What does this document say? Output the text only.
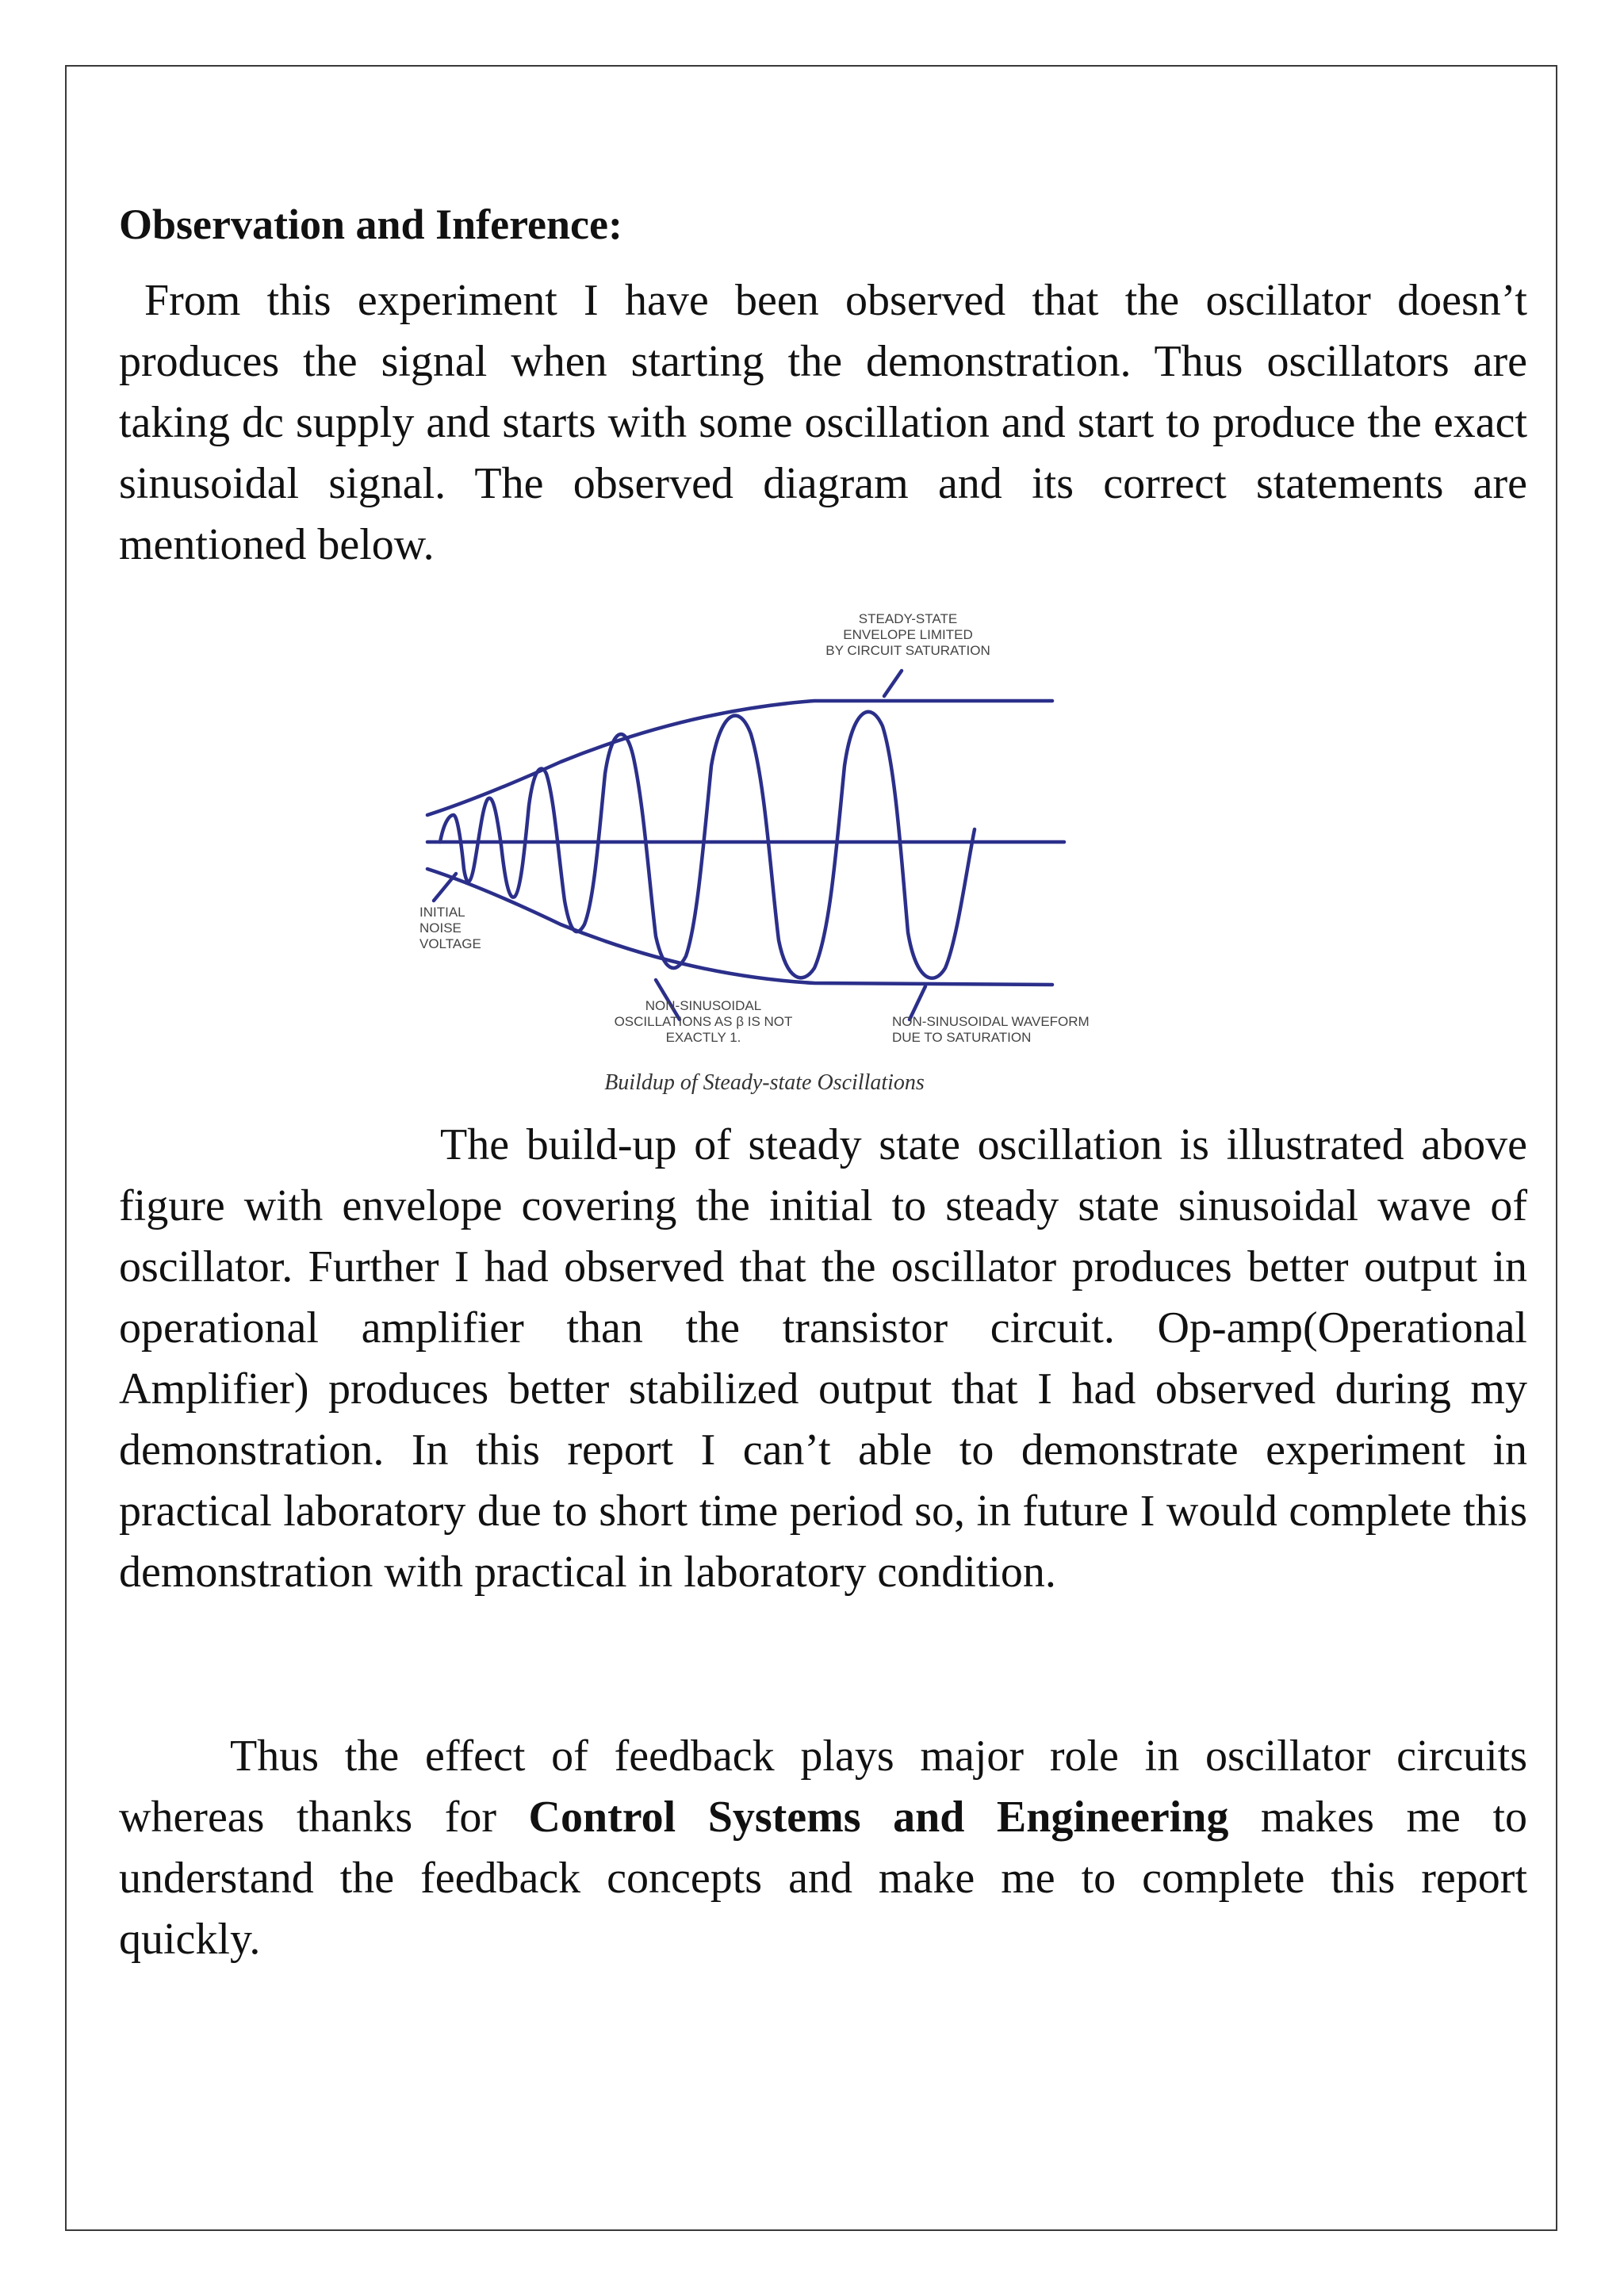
Observation and Inference:

From this experiment I have been observed that the oscillator doesn’t produces the signal when starting the demonstration. Thus oscillators are taking dc supply and starts with some oscillation and start to produce the exact sinusoidal signal. The observed diagram and its correct statements are mentioned below.

STEADY-STATE
ENVELOPE LIMITED
BY CIRCUIT SATURATION
INITIAL
NOISE
VOLTAGE
NON-SINUSOIDAL
OSCILLATIONS AS β IS NOT
EXACTLY 1.
NON-SINUSOIDAL WAVEFORM
DUE TO SATURATION
Buildup of Steady-state Oscillations

The build-up of steady state oscillation is illustrated above figure with envelope covering the initial to steady state sinusoidal wave of oscillator. Further I had observed that the oscillator produces better output in operational amplifier than the transistor circuit. Op-amp(Operational Amplifier) produces better stabilized output that I had observed during my demonstration. In this report I can’t able to demonstrate experiment in practical laboratory due to short time period so, in future I would complete this demonstration with practical in laboratory condition.

Thus the effect of feedback plays major role in oscillator circuits whereas thanks for Control Systems and Engineering makes me to understand the feedback concepts and make me to complete this report quickly.
